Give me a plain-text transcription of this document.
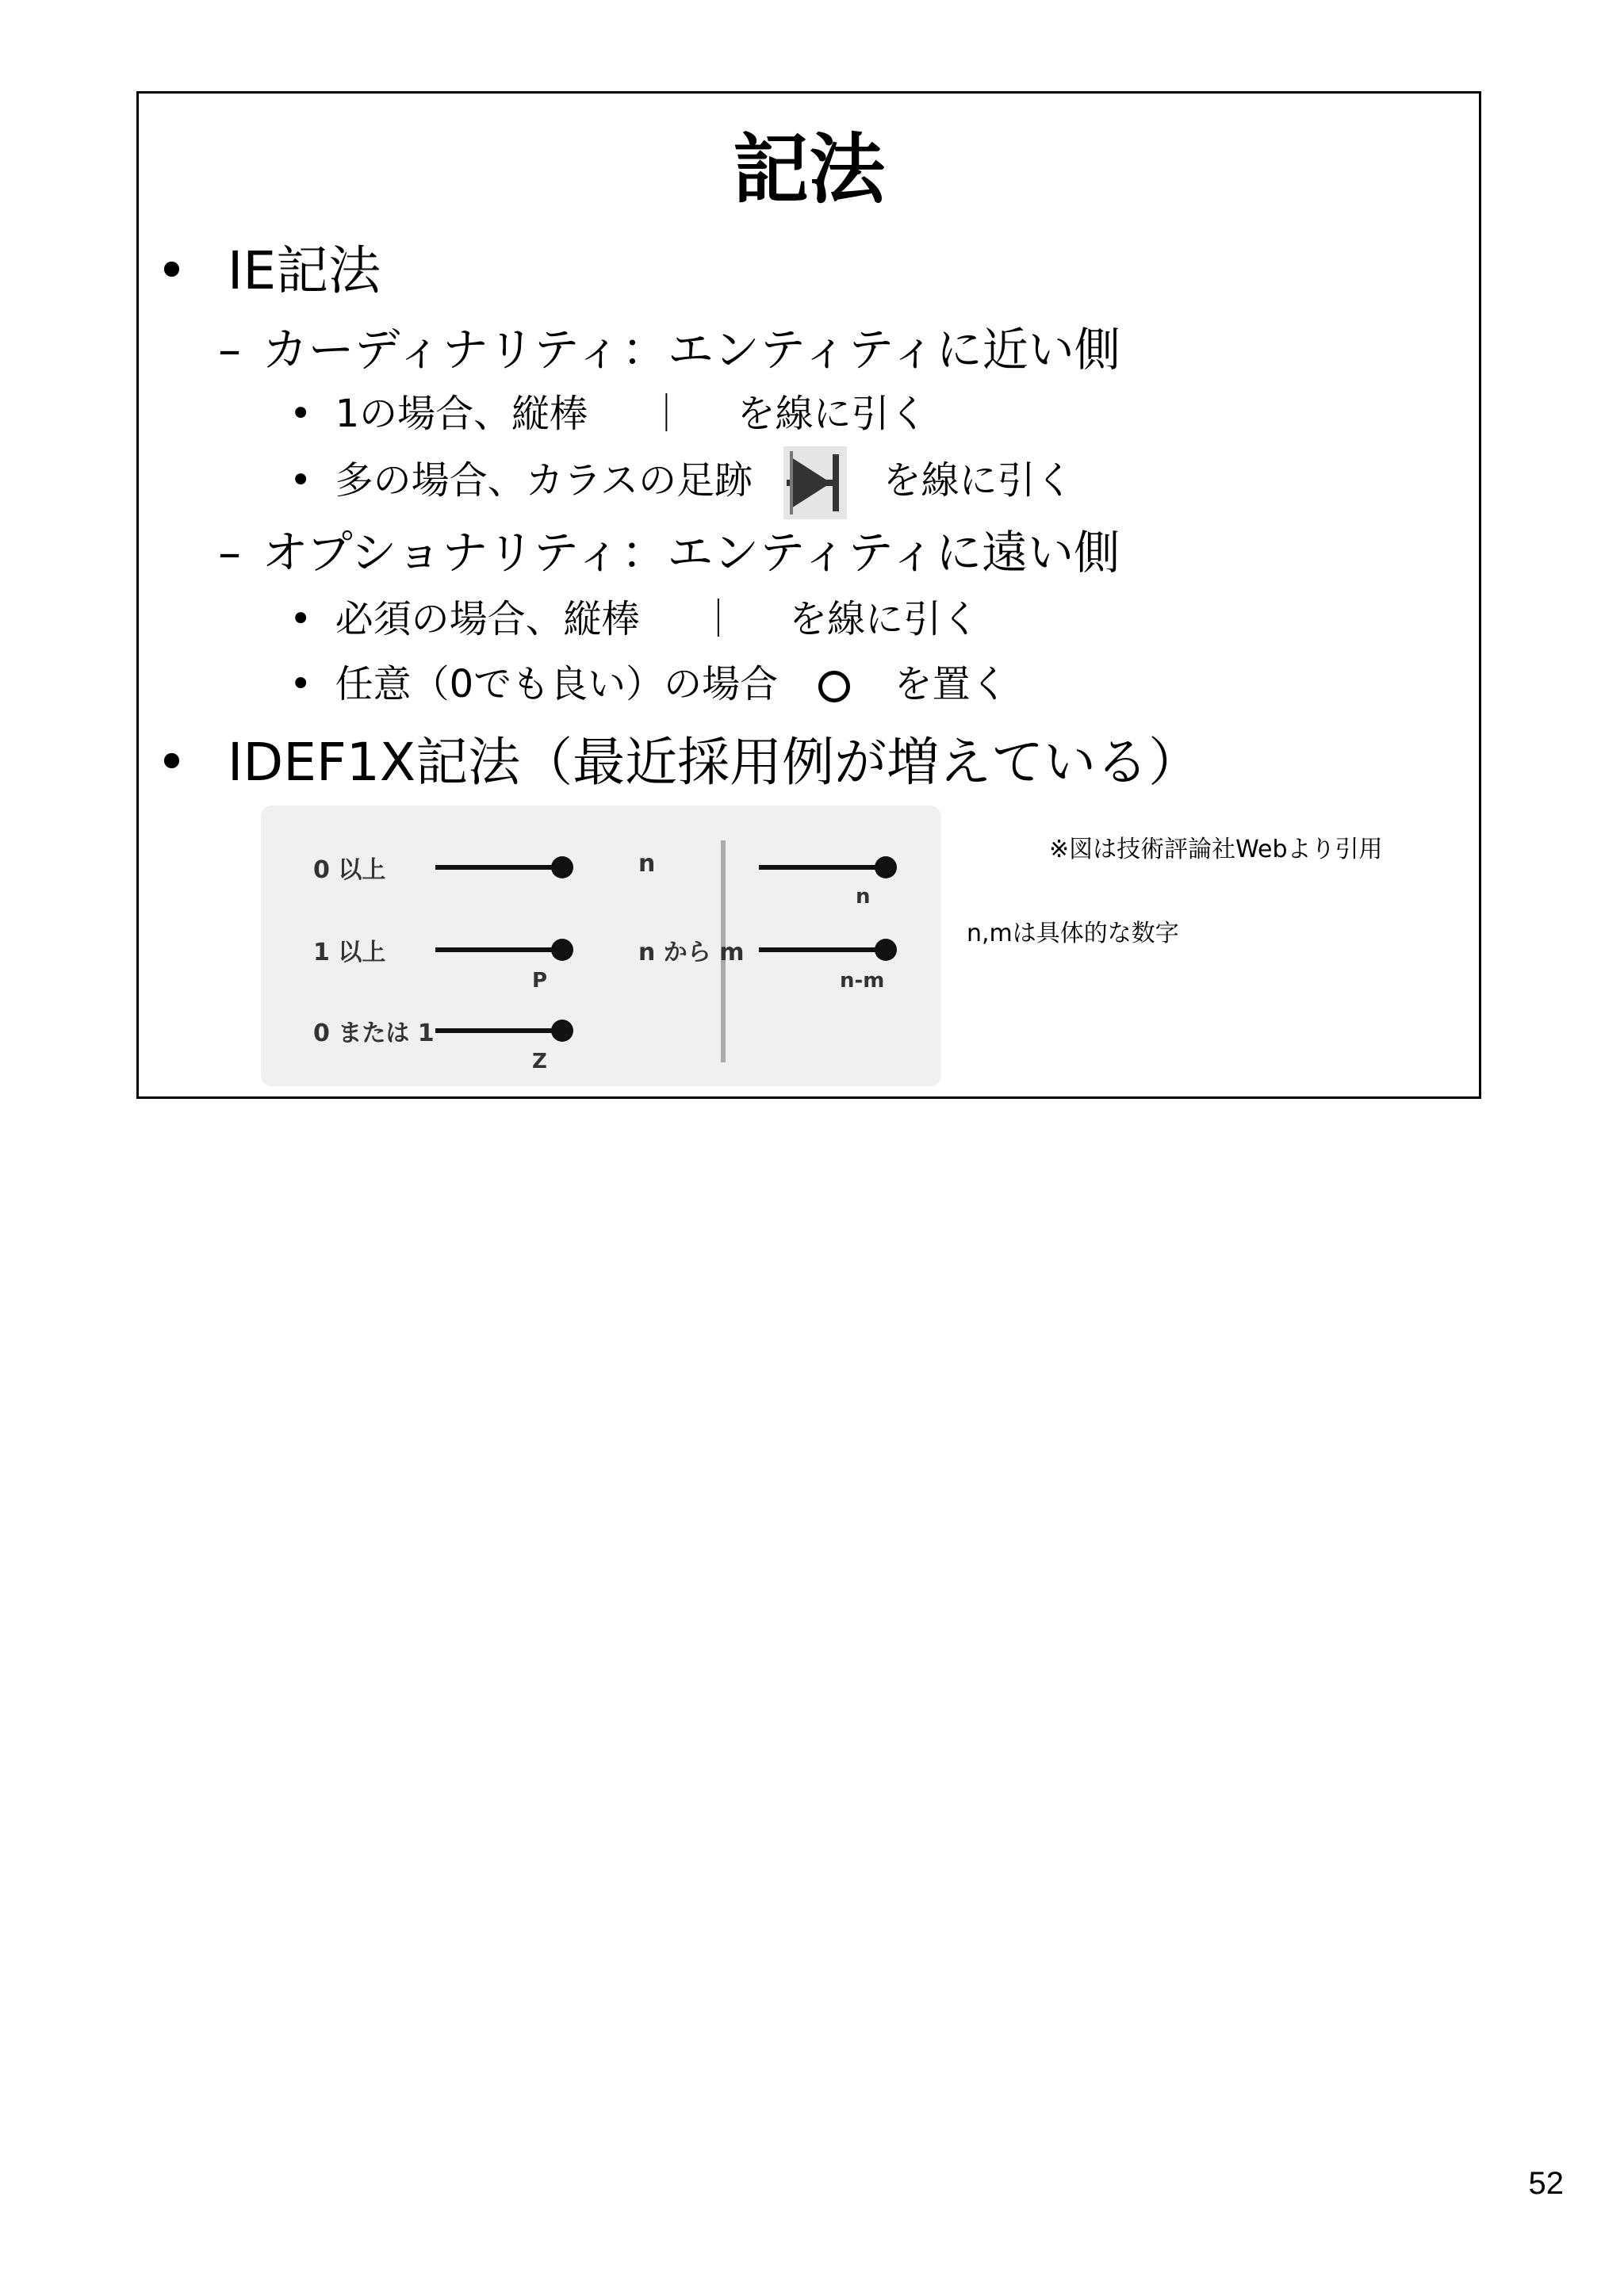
記法
• IE記法
– カーディナリティ：エンティティに近い側
• 1の場合、縦棒 ｜ を線に引く
• 多の場合、カラスの足跡	を線に引く
– オプショナリティ：エンティティに遠い側
• 必須の場合、縦棒 ｜ を線に引く
• 任意（0でも良い）の場合	を置く
• IDEF1X記法（最近採用例が増えている）
0 以上
1 以上
P
0 または 1
Z
n
n
n から m
n-m
※図は技術評論社Webより引用
n,mは具体的な数字
52
